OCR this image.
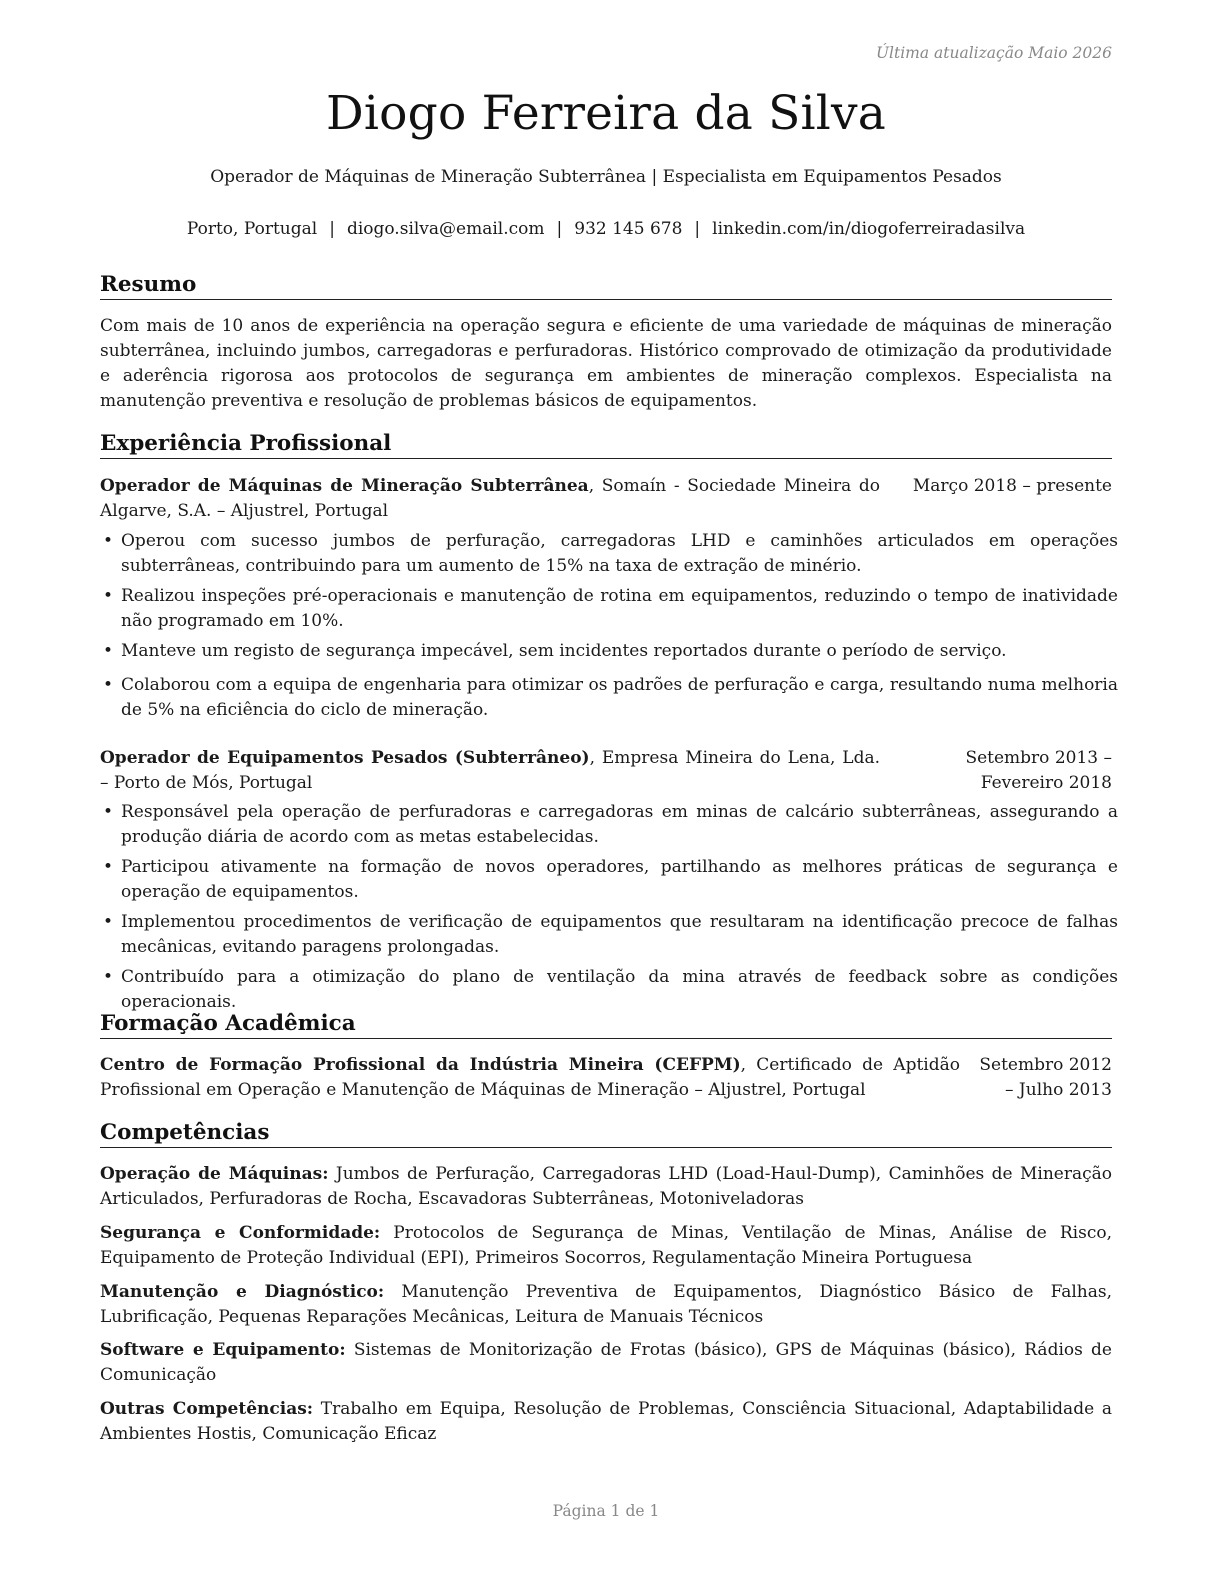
Última atualização Maio 2026
Diogo Ferreira da Silva
Operador de Máquinas de Mineração Subterrânea | Especialista em Equipamentos Pesados
Porto, Portugal | diogo.silva@email.com | 932 145 678 | linkedin.com/in/diogoferreiradasilva
Resumo
Com mais de 10 anos de experiência na operação segura e eficiente de uma variedade de máquinas de mineração subterrânea, incluindo jumbos, carregadoras e perfuradoras. Histórico comprovado de otimização da produtividade e aderência rigorosa aos protocolos de segurança em ambientes de mineração complexos. Especialista na manutenção preventiva e resolução de problemas básicos de equipamentos.
Experiência Profissional
Operador de Máquinas de Mineração Subterrânea, Somaín - Sociedade Mineira do Algarve, S.A. – Aljustrel, Portugal
Março 2018 – presente
• Operou com sucesso jumbos de perfuração, carregadoras LHD e caminhões articulados em operações subterrâneas, contribuindo para um aumento de 15% na taxa de extração de minério.
• Realizou inspeções pré-operacionais e manutenção de rotina em equipamentos, reduzindo o tempo de inatividade não programado em 10%.
• Manteve um registo de segurança impecável, sem incidentes reportados durante o período de serviço.
• Colaborou com a equipa de engenharia para otimizar os padrões de perfuração e carga, resultando numa melhoria de 5% na eficiência do ciclo de mineração.
Operador de Equipamentos Pesados (Subterrâneo), Empresa Mineira do Lena, Lda. – Porto de Mós, Portugal
Setembro 2013 – Fevereiro 2018
• Responsável pela operação de perfuradoras e carregadoras em minas de calcário subterrâneas, assegurando a produção diária de acordo com as metas estabelecidas.
• Participou ativamente na formação de novos operadores, partilhando as melhores práticas de segurança e operação de equipamentos.
• Implementou procedimentos de verificação de equipamentos que resultaram na identificação precoce de falhas mecânicas, evitando paragens prolongadas.
• Contribuído para a otimização do plano de ventilação da mina através de feedback sobre as condições operacionais.
Formação Acadêmica
Centro de Formação Profissional da Indústria Mineira (CEFPM), Certificado de Aptidão Profissional em Operação e Manutenção de Máquinas de Mineração – Aljustrel, Portugal
Setembro 2012 – Julho 2013
Competências
Operação de Máquinas: Jumbos de Perfuração, Carregadoras LHD (Load-Haul-Dump), Caminhões de Mineração Articulados, Perfuradoras de Rocha, Escavadoras Subterrâneas, Motoniveladoras
Segurança e Conformidade: Protocolos de Segurança de Minas, Ventilação de Minas, Análise de Risco, Equipamento de Proteção Individual (EPI), Primeiros Socorros, Regulamentação Mineira Portuguesa
Manutenção e Diagnóstico: Manutenção Preventiva de Equipamentos, Diagnóstico Básico de Falhas, Lubrificação, Pequenas Reparações Mecânicas, Leitura de Manuais Técnicos
Software e Equipamento: Sistemas de Monitorização de Frotas (básico), GPS de Máquinas (básico), Rádios de Comunicação
Outras Competências: Trabalho em Equipa, Resolução de Problemas, Consciência Situacional, Adaptabilidade a Ambientes Hostis, Comunicação Eficaz
Página 1 de 1
